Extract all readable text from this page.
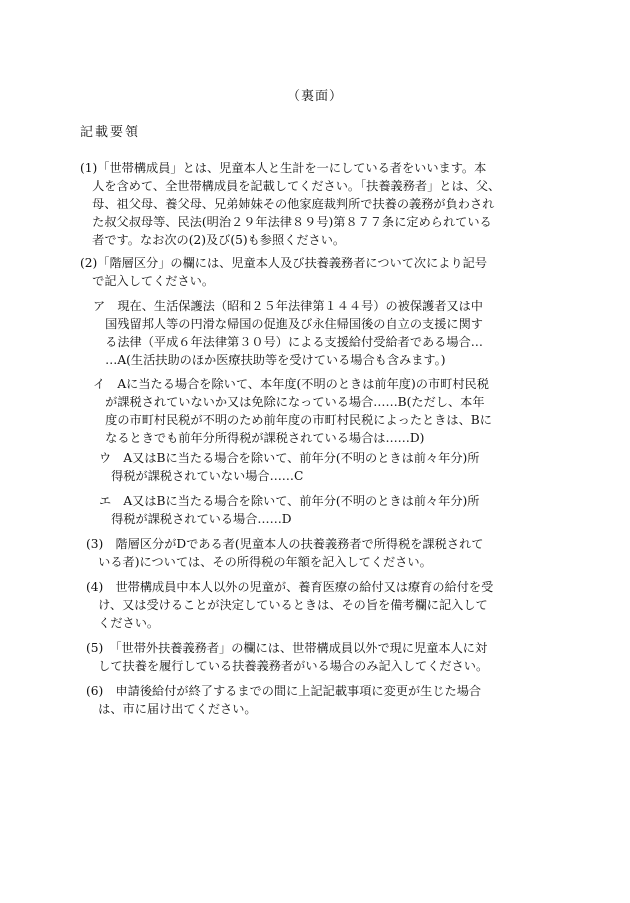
（裏面）
記載要領
(1)「世帯構成員」とは、児童本人と生計を一にしている者をいいます。本
　人を含めて、全世帯構成員を記載してください。「扶養義務者」とは、父、
　母、祖父母、養父母、兄弟姉妹その他家庭裁判所で扶養の義務が負わされ
　た叔父叔母等、民法(明治２９年法律８９号)第８７７条に定められている
　者です。なお次の(2)及び(5)も参照ください。
(2)「階層区分」の欄には、児童本人及び扶養義務者について次により記号
　で記入してください。
ア　現在、生活保護法（昭和２５年法律第１４４号）の被保護者又は中
　国残留邦人等の円滑な帰国の促進及び永住帰国後の自立の支援に関す
　る法律（平成６年法律第３０号）による支援給付受給者である場合…
　…A(生活扶助のほか医療扶助等を受けている場合も含みます。)
イ　Aに当たる場合を除いて、本年度(不明のときは前年度)の市町村民税
　が課税されていないか又は免除になっている場合……B(ただし、本年
　度の市町村民税が不明のため前年度の市町村民税によったときは、Bに
　なるときでも前年分所得税が課税されている場合は……D)
ウ　A又はBに当たる場合を除いて、前年分(不明のときは前々年分)所
　得税が課税されていない場合……C
エ　A又はBに当たる場合を除いて、前年分(不明のときは前々年分)所
　得税が課税されている場合……D
(3)　階層区分がDである者(児童本人の扶養義務者で所得税を課税されて
　いる者)については、その所得税の年額を記入してください。
(4)　世帯構成員中本人以外の児童が、養育医療の給付又は療育の給付を受
　け、又は受けることが決定しているときは、その旨を備考欄に記入して
　ください。
(5)　「世帯外扶養義務者」の欄には、世帯構成員以外で現に児童本人に対
　して扶養を履行している扶養義務者がいる場合のみ記入してください。
(6)　申請後給付が終了するまでの間に上記記載事項に変更が生じた場合
　は、市に届け出てください。
